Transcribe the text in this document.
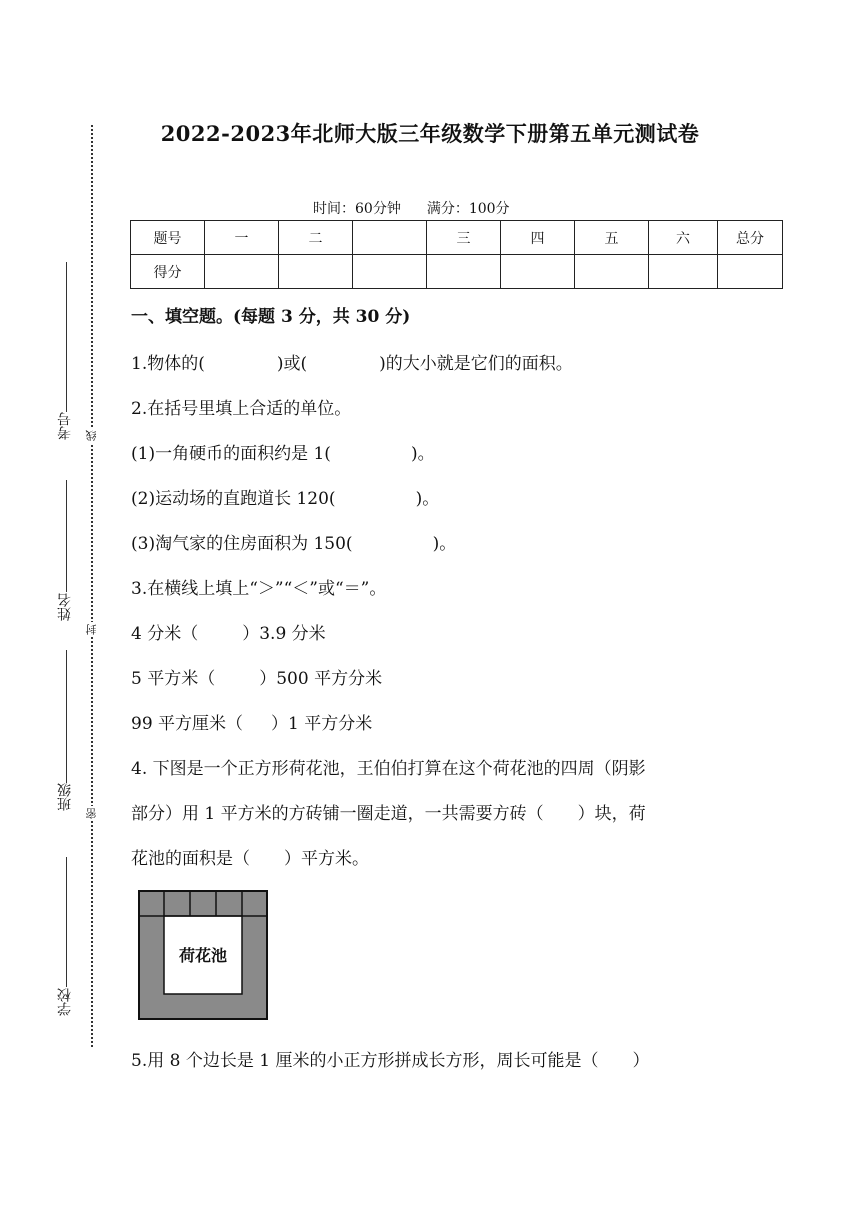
线
封
密
考号
姓名
班级
学校
2022-2023年北师大版三年级数学下册第五单元测试卷
时间：60分钟 满分：100分
题号	一	二		三	四	五	六	总分
得分								
一、填空题。(每题 3 分，共 30 分)
1.物体的(	)或(	)的大小就是它们的面积。
2.在括号里填上合适的单位。
(1)一角硬币的面积约是 1(	)。
(2)运动场的直跑道长 120(	)。
(3)淘气家的住房面积为 150(	)。
3.在横线上填上“＞”“＜”或“＝”。
4 分米（	）3.9 分米
5 平方米（	）500 平方分米
99 平方厘米（ ）1 平方分米
4. 下图是一个正方形荷花池，王伯伯打算在这个荷花池的四周（阴影
部分）用 1 平方米的方砖铺一圈走道，一共需要方砖（　　）块，荷
花池的面积是（　　）平方米。
荷花池
5.用 8 个边长是 1 厘米的小正方形拼成长方形，周长可能是（　　）
